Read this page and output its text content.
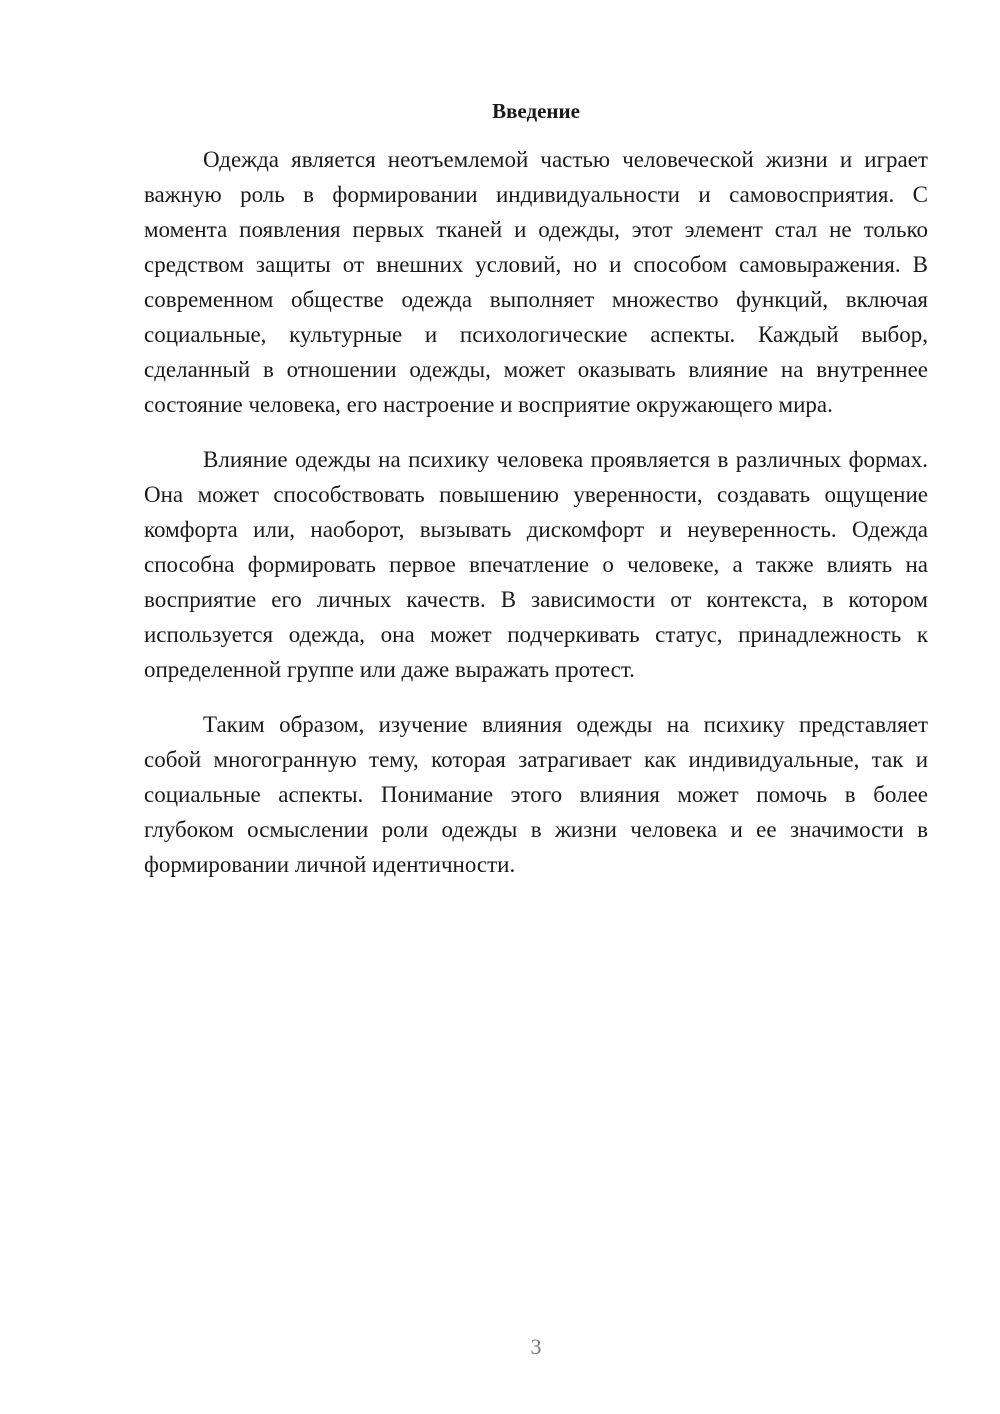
Введение

Одежда является неотъемлемой частью человеческой жизни и играет важную роль в формировании индивидуальности и самовосприятия. С момента появления первых тканей и одежды, этот элемент стал не только средством защиты от внешних условий, но и способом самовыражения. В современном обществе одежда выполняет множество функций, включая социальные, культурные и психологические аспекты. Каждый выбор, сделанный в отношении одежды, может оказывать влияние на внутреннее состояние человека, его настроение и восприятие окружающего мира.

Влияние одежды на психику человека проявляется в различных формах. Она может способствовать повышению уверенности, создавать ощущение комфорта или, наоборот, вызывать дискомфорт и неуверенность. Одежда способна формировать первое впечатление о человеке, а также влиять на восприятие его личных качеств. В зависимости от контекста, в котором используется одежда, она может подчеркивать статус, принадлежность к определенной группе или даже выражать протест.

Таким образом, изучение влияния одежды на психику представляет собой многогранную тему, которая затрагивает как индивидуальные, так и социальные аспекты. Понимание этого влияния может помочь в более глубоком осмыслении роли одежды в жизни человека и ее значимости в формировании личной идентичности.

3
